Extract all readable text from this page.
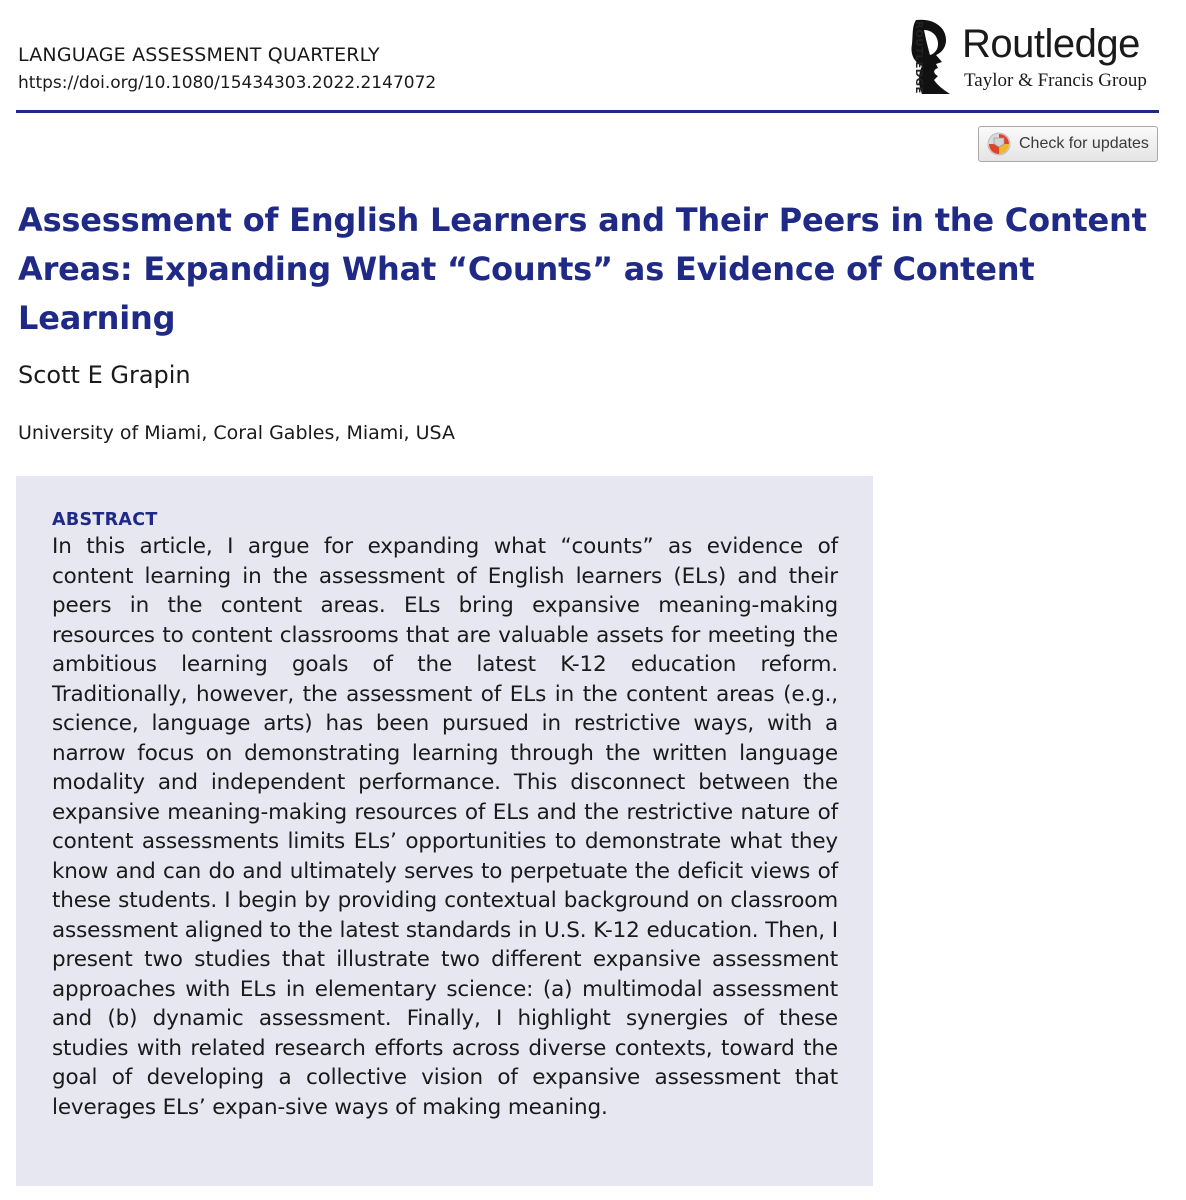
LANGUAGE ASSESSMENT QUARTERLY
https://doi.org/10.1080/15434303.2022.2147072	ROUTLEDGE Routledge
Taylor & Francis Group
Check for updates
Assessment of English Learners and Their Peers in the Content Areas: Expanding What “Counts” as Evidence of Content Learning
Scott E Grapin
University of Miami, Coral Gables, Miami, USA
ABSTRACT

In this article, I argue for expanding what “counts” as evidence of content learning in the assessment of English learners (ELs) and their peers in the content areas. ELs bring expansive meaning-making resources to content classrooms that are valuable assets for meeting the ambitious learning goals of the latest K-12 education reform. Traditionally, however, the assessment of ELs in the content areas (e.g., science, language arts) has been pursued in restrictive ways, with a narrow focus on demonstrating learning through the written language modality and independent performance. This disconnect between the expansive meaning-making resources of ELs and the restrictive nature of content assessments limits ELs’ opportunities to demonstrate what they know and can do and ultimately serves to perpetuate the deficit views of these students. I begin by providing contextual background on classroom assessment aligned to the latest standards in U.S. K-12 education. Then, I present two studies that illustrate two different expansive assessment approaches with ELs in elementary science: (a) multimodal assessment and (b) dynamic assessment. Finally, I highlight synergies of these studies with related research efforts across diverse contexts, toward the goal of developing a collective vision of expansive assessment that leverages ELs’ expan-sive ways of making meaning.
